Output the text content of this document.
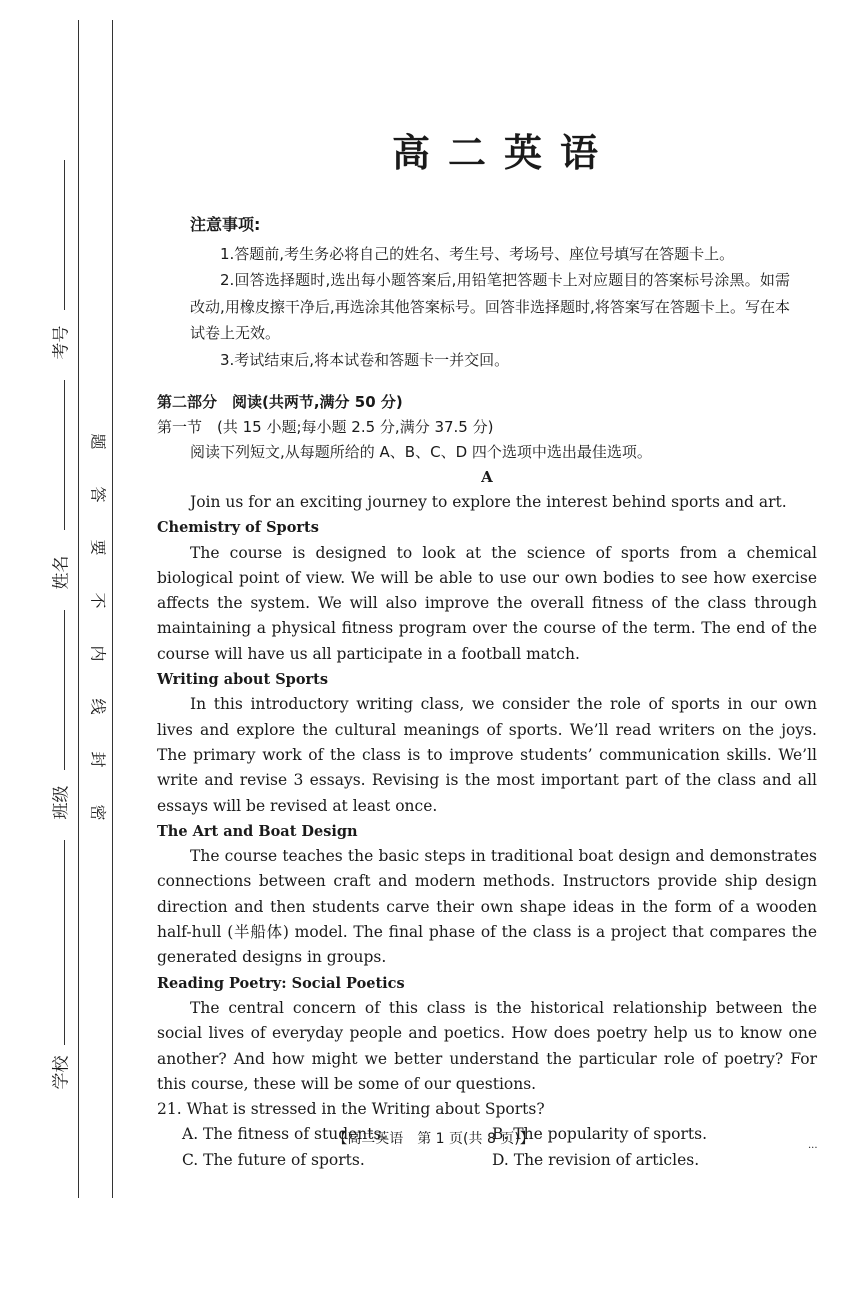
考号
姓名
班级
学校
题
答
要
不
内
线
封
密
高二英语

注意事项:

1.答题前,考生务必将自己的姓名、考生号、考场号、座位号填写在答题卡上。

2.回答选择题时,选出每小题答案后,用铅笔把答题卡上对应题目的答案标号涂黑。如需改动,用橡皮擦干净后,再选涂其他答案标号。回答非选择题时,将答案写在答题卡上。写在本试卷上无效。

3.考试结束后,将本试卷和答题卡一并交回。

第二部分　阅读(共两节,满分 50 分)

第一节　(共 15 小题;每小题 2.5 分,满分 37.5 分)

阅读下列短文,从每题所给的 A、B、C、D 四个选项中选出最佳选项。

A

Join us for an exciting journey to explore the interest behind sports and art.

Chemistry of Sports

The course is designed to look at the science of sports from a chemical biological point of view. We will be able to use our own bodies to see how exercise affects the system. We will also improve the overall fitness of the class through maintaining a physical fitness program over the course of the term. The end of the course will have us all participate in a football match.

Writing about Sports

In this introductory writing class, we consider the role of sports in our own lives and explore the cultural meanings of sports. We’ll read writers on the joys. The primary work of the class is to improve students’ communication skills. We’ll write and revise 3 essays. Revising is the most important part of the class and all essays will be revised at least once.

The Art and Boat Design

The course teaches the basic steps in traditional boat design and demonstrates connections between craft and modern methods. Instructors provide ship design direction and then students carve their own shape ideas in the form of a wooden half-hull (半船体) model. The final phase of the class is a project that compares the generated designs in groups.

Reading Poetry: Social Poetics

The central concern of this class is the historical relationship between the social lives of everyday people and poetics. How does poetry help us to know one another? And how might we better understand the particular role of poetry? For this course, these will be some of our questions.

21. What is stressed in the Writing about Sports?

A. The fitness of students.	B. The popularity of sports.
C. The future of sports.	D. The revision of articles.
【高二英语　第 1 页(共 8 页)】	...
